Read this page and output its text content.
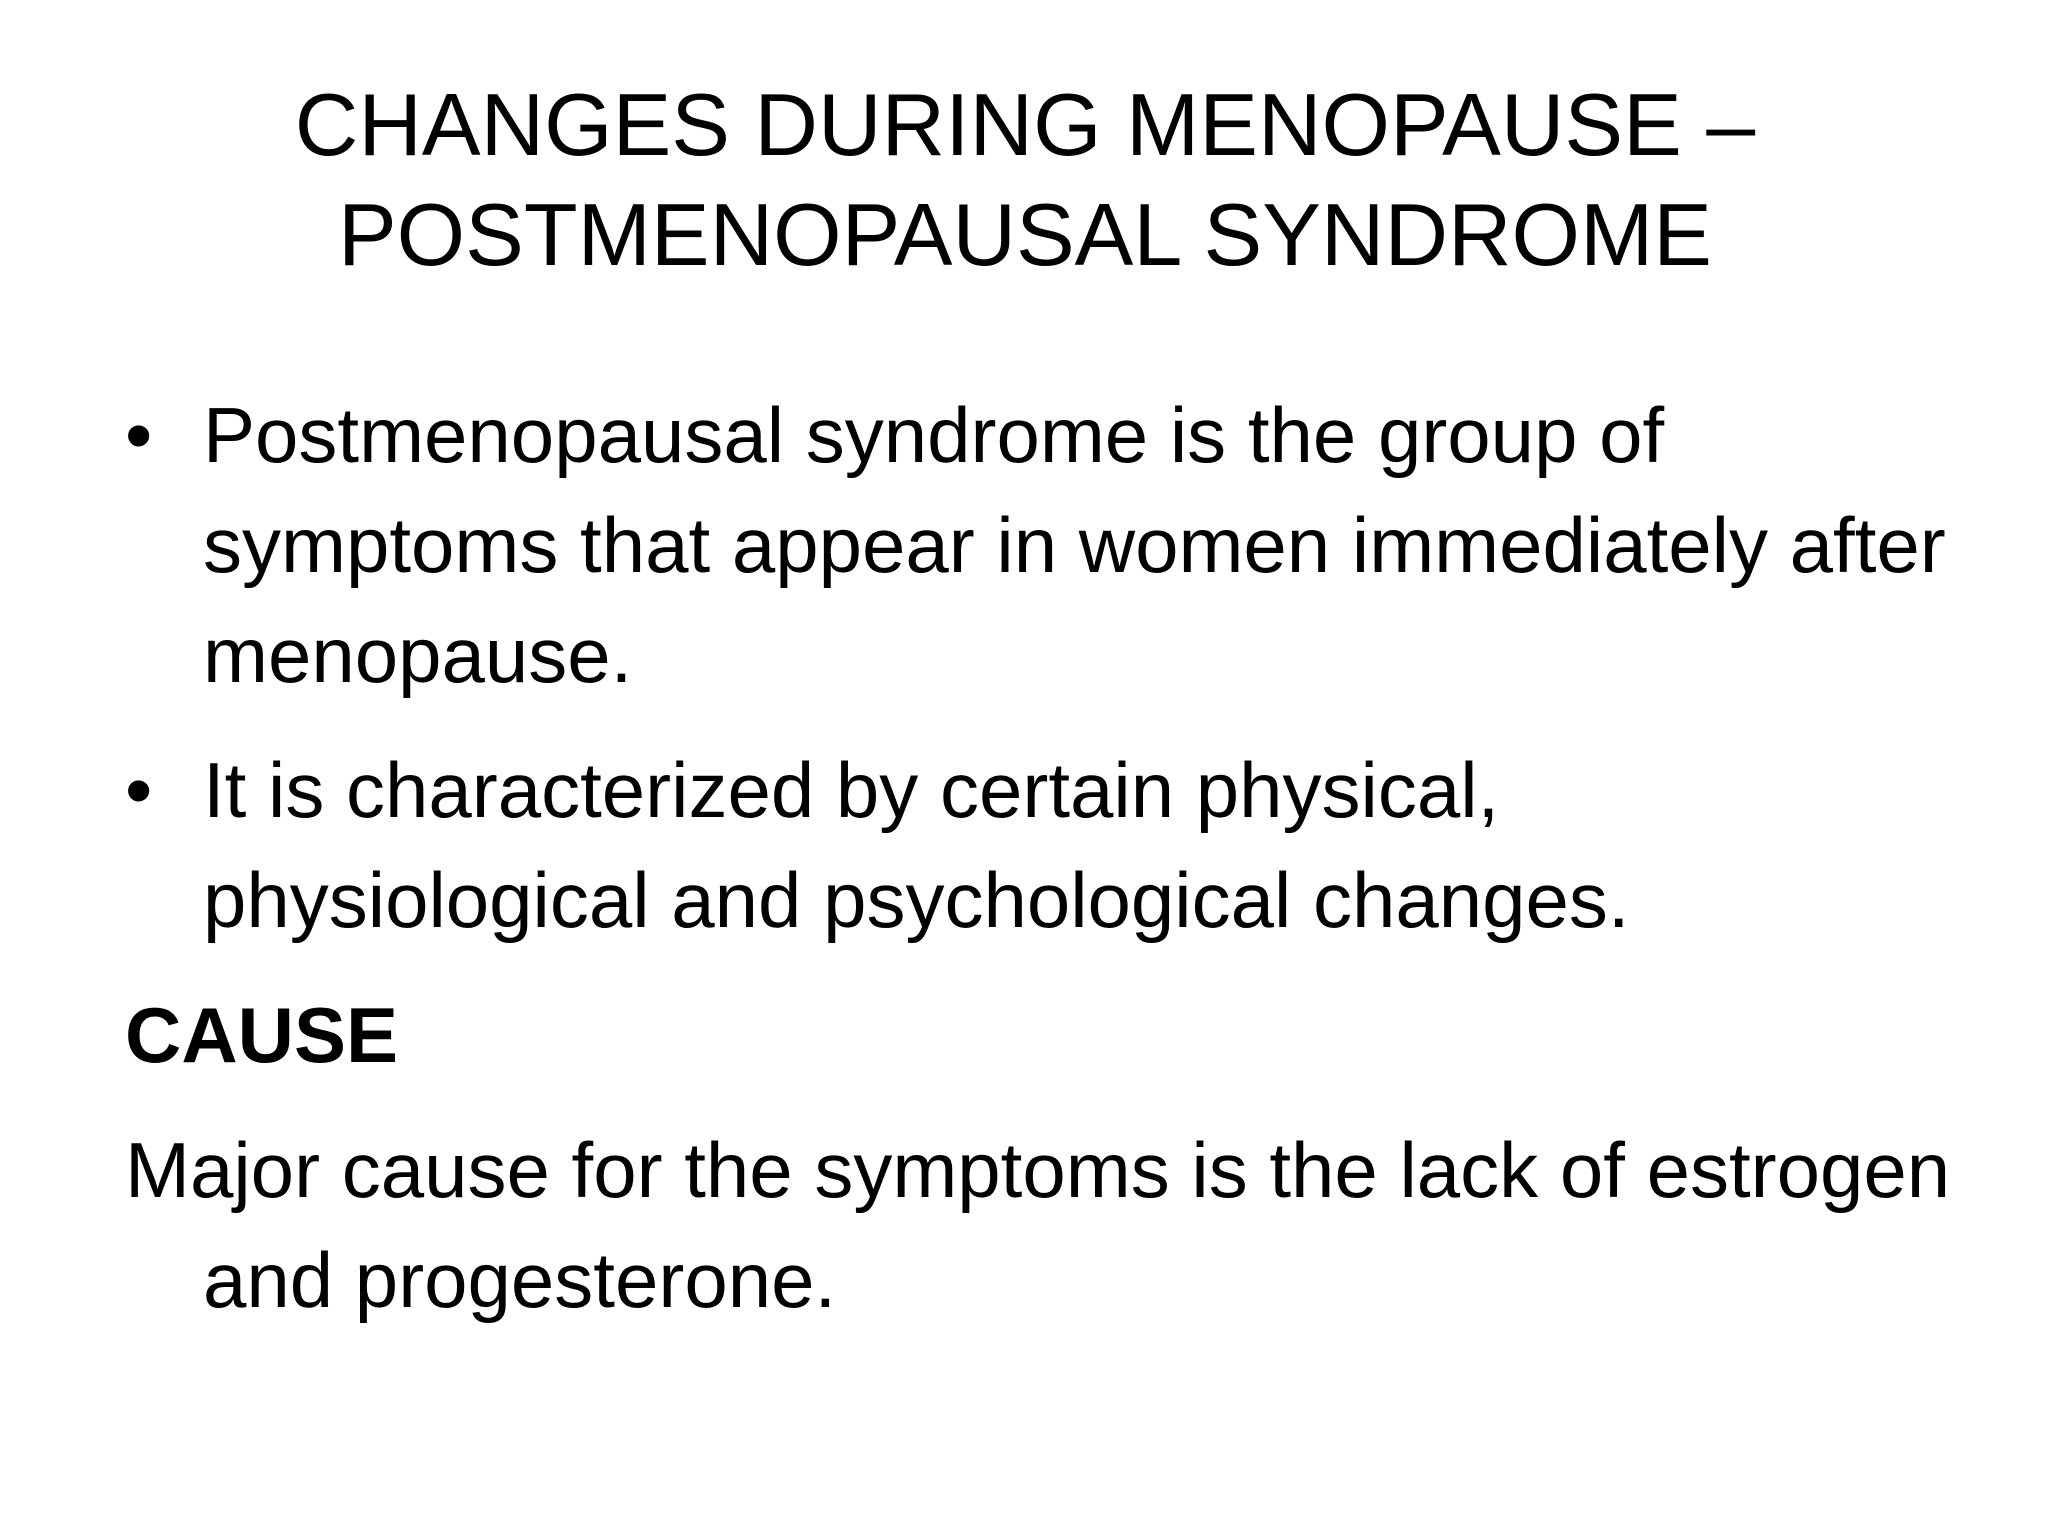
CHANGES DURING MENOPAUSE –
POSTMENOPAUSAL SYNDROME
• Postmenopausal syndrome is the group of symptoms that appear in women immediately after menopause.
• It is characterized by certain physical, physiological and psychological changes.
CAUSE

Major cause for the symptoms is the lack of estrogen and progesterone.
